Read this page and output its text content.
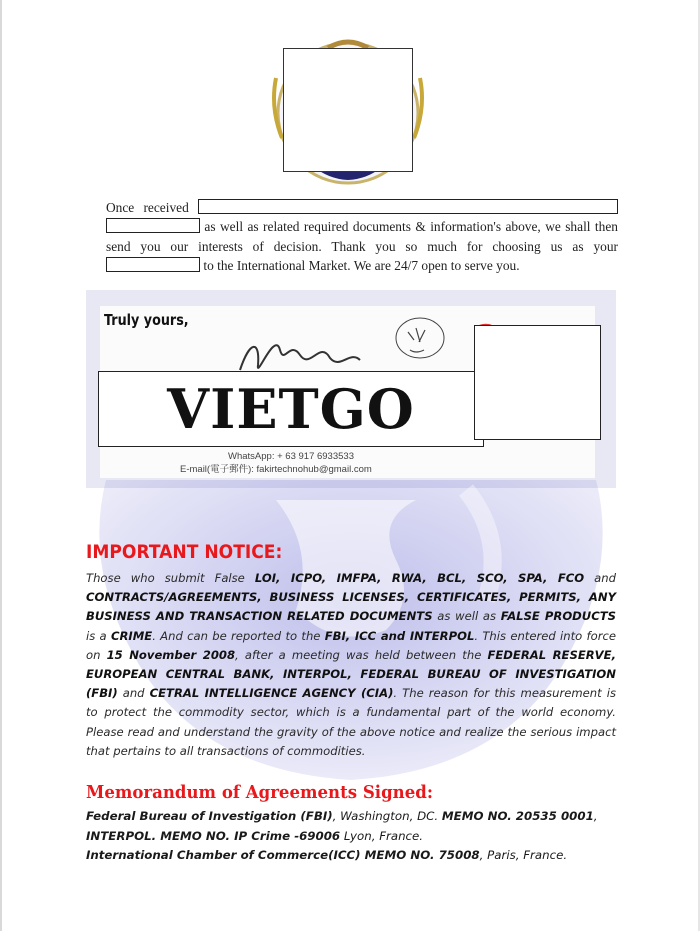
Once received   as well as related required documents & information's above, we shall then send you our interests of decision. Thank you so much for choosing us as your to the International Market. We are 24/7 open to serve you.

Truly yours,
VIETGO
WhatsApp: + 63 917 6933533
E-mail(電子郵件): fakirtechnohub@gmail.com
IMPORTANT NOTICE:

Those who submit False LOI, ICPO, IMFPA, RWA, BCL, SCO, SPA, FCO and CONTRACTS/AGREEMENTS, BUSINESS LICENSES, CERTIFICATES, PERMITS, ANY BUSINESS AND TRANSACTION RELATED DOCUMENTS as well as FALSE PRODUCTS is a CRIME. And can be reported to the FBI, ICC and INTERPOL. This entered into force on 15 November 2008, after a meeting was held between the FEDERAL RESERVE, EUROPEAN CENTRAL BANK, INTERPOL, FEDERAL BUREAU OF INVESTIGATION (FBI) and CETRAL INTELLIGENCE AGENCY (CIA). The reason for this measurement is to protect the commodity sector, which is a fundamental part of the world economy. Please read and understand the gravity of the above notice and realize the serious impact that pertains to all transactions of commodities.

Memorandum of Agreements Signed:
Federal Bureau of Investigation (FBI), Washington, DC. MEMO NO. 20535 0001,
INTERPOL. MEMO NO. IP Crime -69006 Lyon, France.
International Chamber of Commerce(ICC) MEMO NO. 75008, Paris, France.
